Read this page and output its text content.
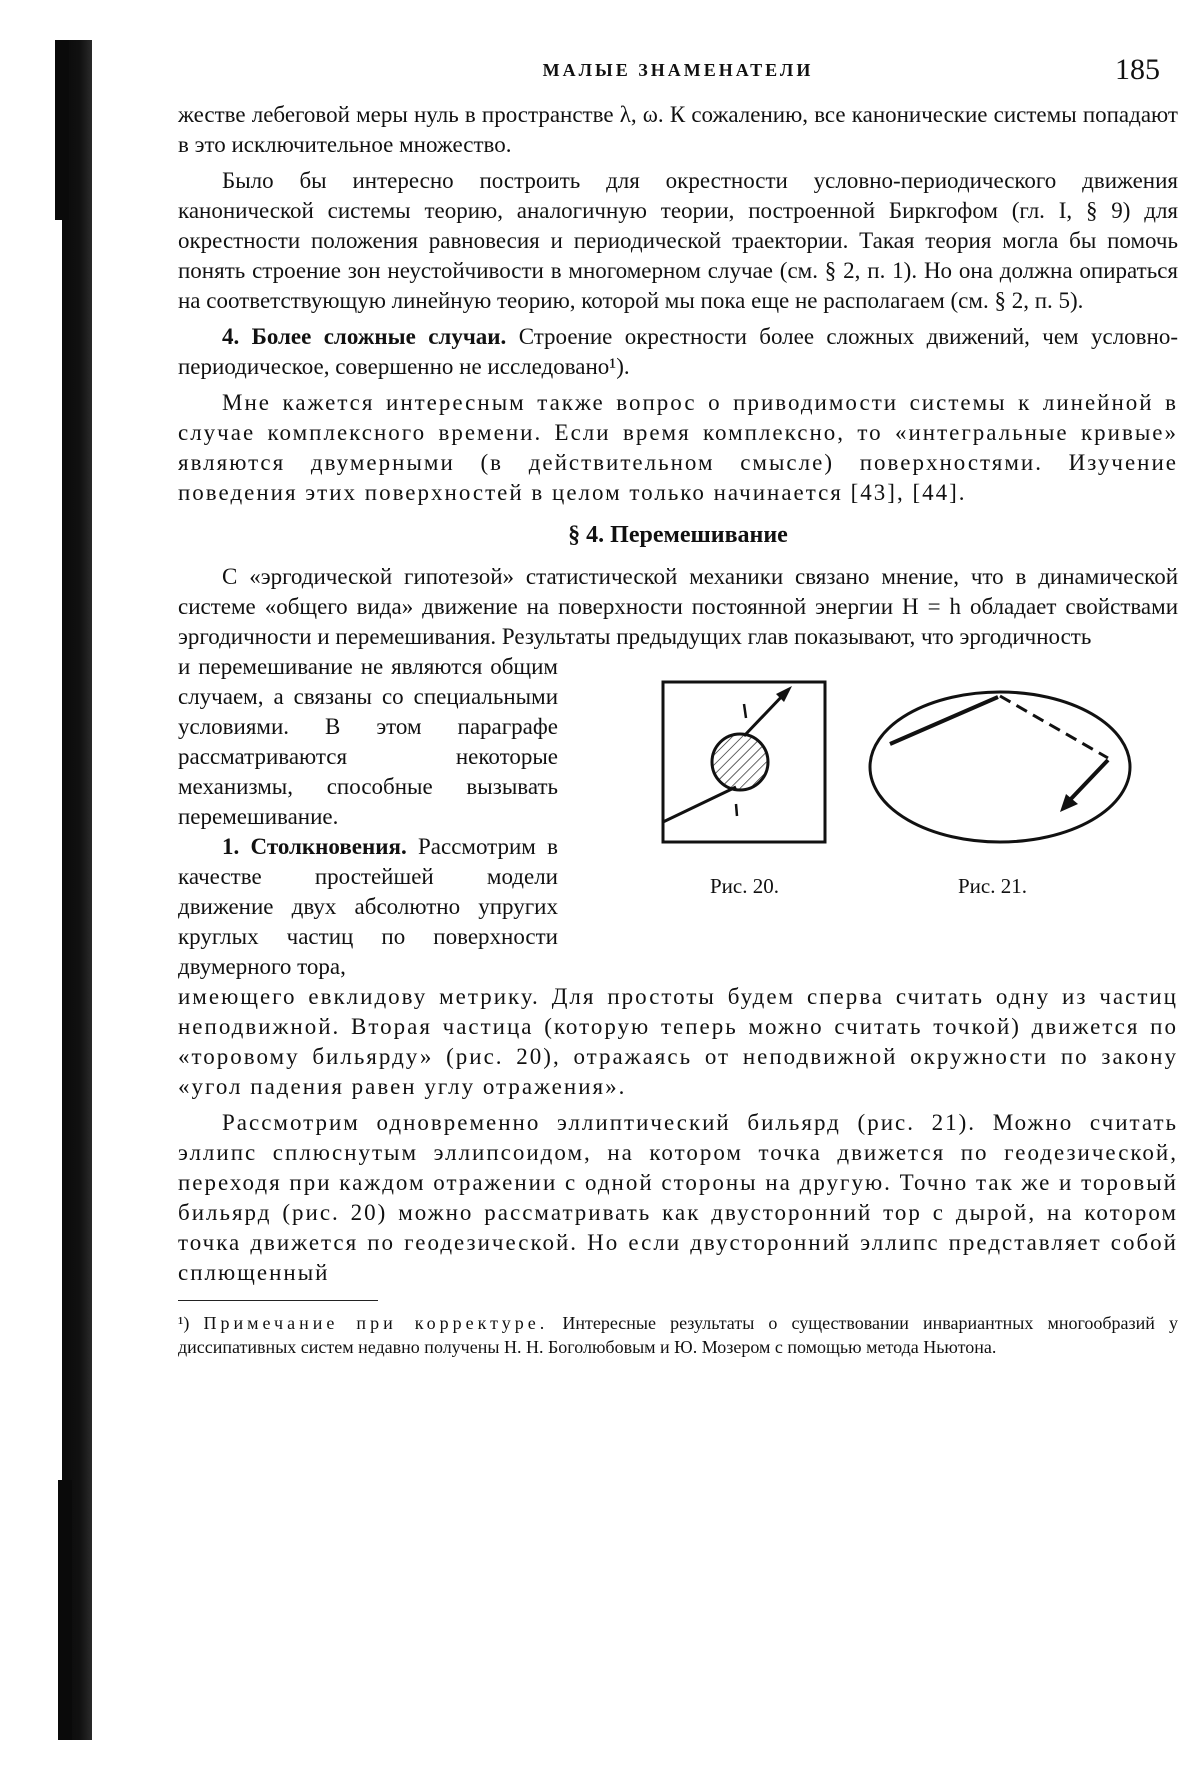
МАЛЫЕ ЗНАМЕНАТЕЛИ	185

жестве лебеговой меры нуль в пространстве λ, ω. К сожалению, все канонические системы попадают в это исключительное множество.

Было бы интересно построить для окрестности условно-периодического движения канонической системы теорию, аналогичную теории, построенной Биркгофом (гл. I, § 9) для окрестности положения равновесия и периодической траектории. Такая теория могла бы помочь понять строение зон неустойчивости в многомерном случае (см. § 2, п. 1). Но она должна опираться на соответствующую линейную теорию, которой мы пока еще не располагаем (см. § 2, п. 5).

4. Более сложные случаи. Строение окрестности более сложных движений, чем условно-периодическое, совершенно не исследовано¹).

Мне кажется интересным также вопрос о приводимости системы к линейной в случае комплексного времени. Если время комплексно, то «интегральные кривые» являются двумерными (в действительном смысле) поверхностями. Изучение поведения этих поверхностей в целом только начинается [43], [44].

§ 4. Перемешивание

С «эргодической гипотезой» статистической механики связано мнение, что в динамической системе «общего вида» движение на поверхности постоянной энергии H = h обладает свойствами эргодичности и перемешивания. Результаты предыдущих глав показывают, что эргодичность

и перемешивание не являются общим случаем, а связаны со специальными условиями. В этом параграфе рассматриваются некоторые механизмы, способные вызывать перемешивание.

1. Столкновения. Рассмотрим в качестве простейшей модели движение двух абсолютно упругих круглых частиц по поверхности двумерного тора,

Рис. 20.	Рис. 21.

имеющего евклидову метрику. Для простоты будем сперва считать одну из частиц неподвижной. Вторая частица (которую теперь можно считать точкой) движется по «торовому бильярду» (рис. 20), отражаясь от неподвижной окружности по закону «угол падения равен углу отражения».

Рассмотрим одновременно эллиптический бильярд (рис. 21). Можно считать эллипс сплюснутым эллипсоидом, на котором точка движется по геодезической, переходя при каждом отражении с одной стороны на другую. Точно так же и торовый бильярд (рис. 20) можно рассматривать как двусторонний тор с дырой, на котором точка движется по геодезической. Но если двусторонний эллипс представляет собой сплющенный

¹) Примечание при корректуре. Интересные результаты о существовании инвариантных многообразий у диссипативных систем недавно получены Н. Н. Боголюбовым и Ю. Мозером с помощью метода Ньютона.
